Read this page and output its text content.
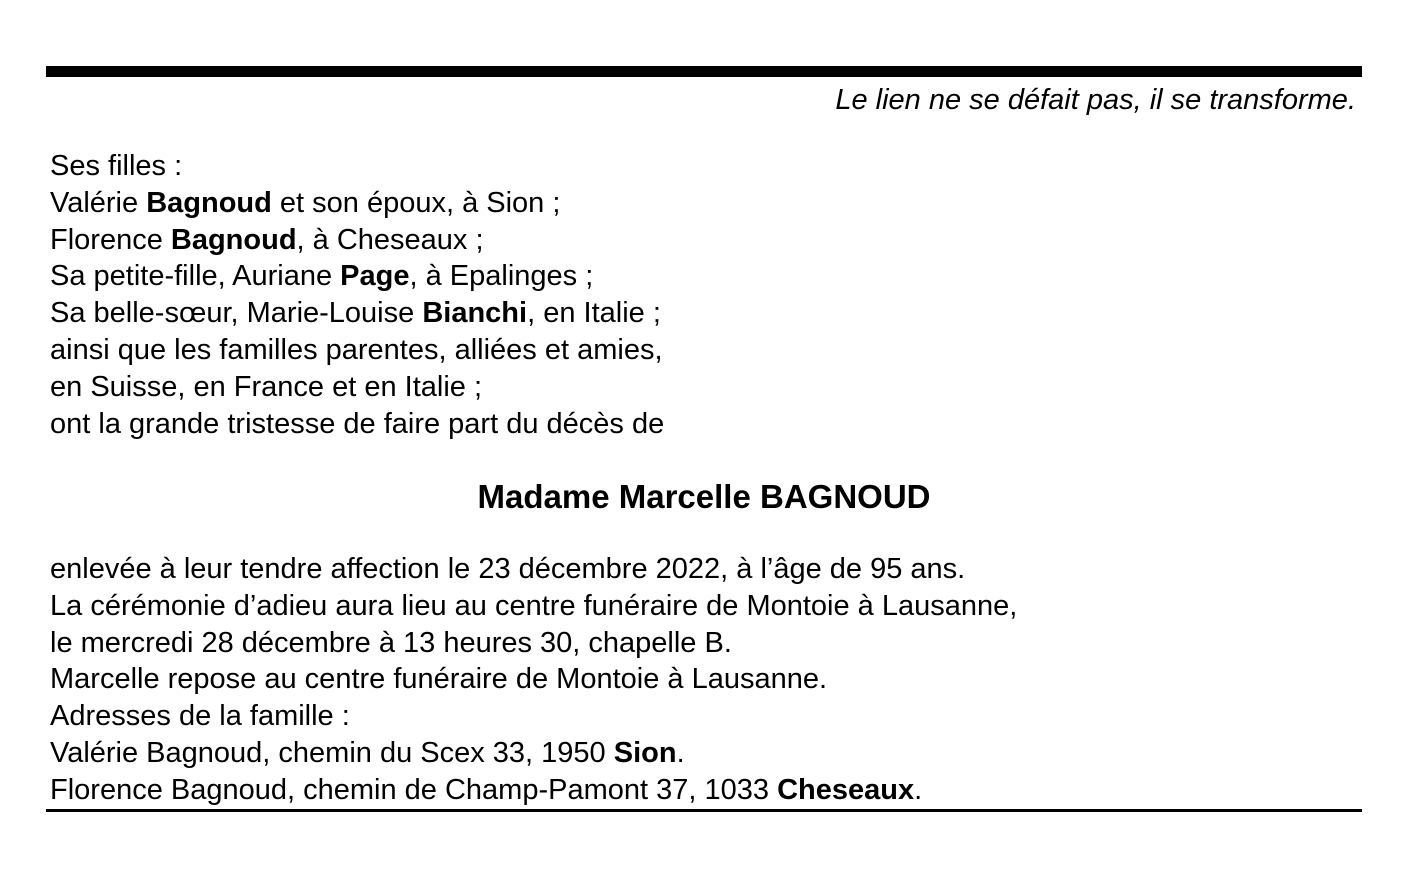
Le lien ne se défait pas, il se transforme.
Ses filles :
Valérie Bagnoud et son époux, à Sion ;
Florence Bagnoud, à Cheseaux ;
Sa petite-fille, Auriane Page, à Epalinges ;
Sa belle-sœur, Marie-Louise Bianchi, en Italie ;
ainsi que les familles parentes, alliées et amies,
en Suisse, en France et en Italie ;
ont la grande tristesse de faire part du décès de
Madame Marcelle BAGNOUD
enlevée à leur tendre affection le 23 décembre 2022, à l’âge de 95 ans.
La cérémonie d’adieu aura lieu au centre funéraire de Montoie à Lausanne,
le mercredi 28 décembre à 13 heures 30, chapelle B.
Marcelle repose au centre funéraire de Montoie à Lausanne.
Adresses de la famille :
Valérie Bagnoud, chemin du Scex 33, 1950 Sion.
Florence Bagnoud, chemin de Champ-Pamont 37, 1033 Cheseaux.
